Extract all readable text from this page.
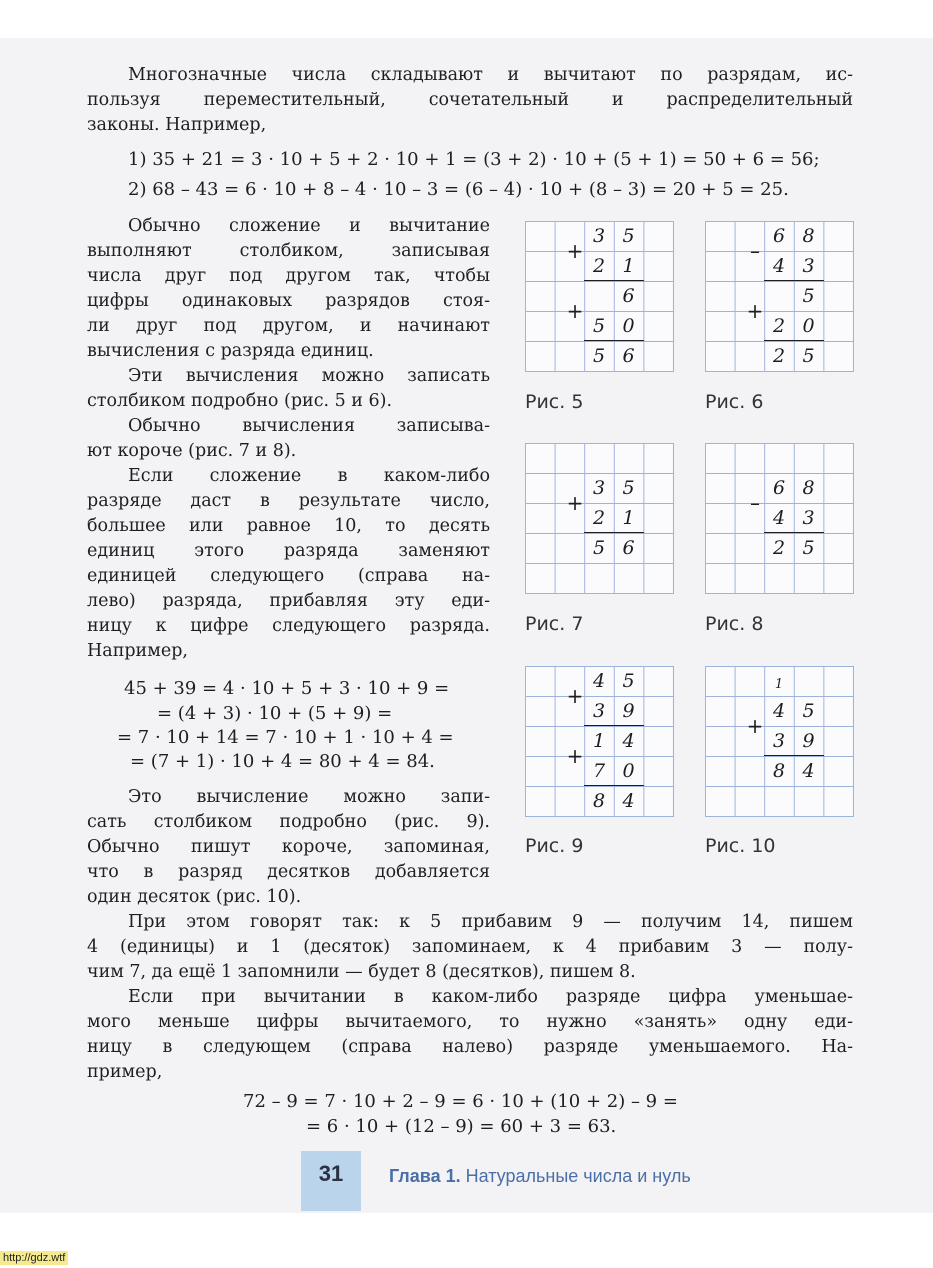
Многозначные числа складывают и вычитают по разрядам, ис-
пользуя переместительный, сочетательный и распределительный
законы. Например,
1) 35 + 21 = 3 · 10 + 5 + 2 · 10 + 1 = (3 + 2) · 10 + (5 + 1) = 50 + 6 = 56;
2) 68 – 43 = 6 · 10 + 8 – 4 · 10 – 3 = (6 – 4) · 10 + (8 – 3) = 20 + 5 = 25.
Обычно сложение и вычитание
выполняют столбиком, записывая
числа друг под другом так, чтобы
цифры одинаковых разрядов стоя-
ли друг под другом, и начинают
вычисления с разряда единиц.
Эти вычисления можно записать
столбиком подробно (рис. 5 и 6).
Обычно вычисления записыва-
ют короче (рис. 7 и 8).
Если сложение в каком-либо
разряде даст в результате число,
большее или равное 10, то десять
единиц этого разряда заменяют
единицей следующего (справа на-
лево) разряда, прибавляя эту еди-
ницу к цифре следующего разряда.
Например,
45 + 39 = 4 · 10 + 5 + 3 · 10 + 9 =
= (4 + 3) · 10 + (5 + 9) =
= 7 · 10 + 14 = 7 · 10 + 1 · 10 + 4 =
= (7 + 1) · 10 + 4 = 80 + 4 = 84.
Это вычисление можно запи-
сать столбиком подробно (рис. 9).
Обычно пишут короче, запоминая,
что в разряд десятков добавляется
один десяток (рис. 10).
При этом говорят так: к 5 прибавим 9 — получим 14, пишем
4 (единицы) и 1 (десяток) запоминаем, к 4 прибавим 3 — полу-
чим 7, да ещё 1 запомнили — будет 8 (десятков), пишем 8.
Если при вычитании в каком-либо разряде цифра уменьшае-
мого меньше цифры вычитаемого, то нужно «занять» одну еди-
ницу в следующем (справа налево) разряде уменьшаемого. На-
пример,
72 – 9 = 7 · 10 + 2 – 9 = 6 · 10 + (10 + 2) – 9 =
= 6 · 10 + (12 – 9) = 60 + 3 = 63.
3 5
2 1
6
5 0
5 6
+
+
Рис. 5
6 8
4 3
5
2 0
2 5
–
+
Рис. 6
3 5
2 1
5 6
+
Рис. 7
6 8
4 3
2 5
–
Рис. 8
4 5
3 9
1 4
7 0
8 4
+
+
Рис. 9
1
4 5
3 9
8 4
+
Рис. 10
31	Глава 1. Натуральные числа и нуль
http://gdz.wtf
